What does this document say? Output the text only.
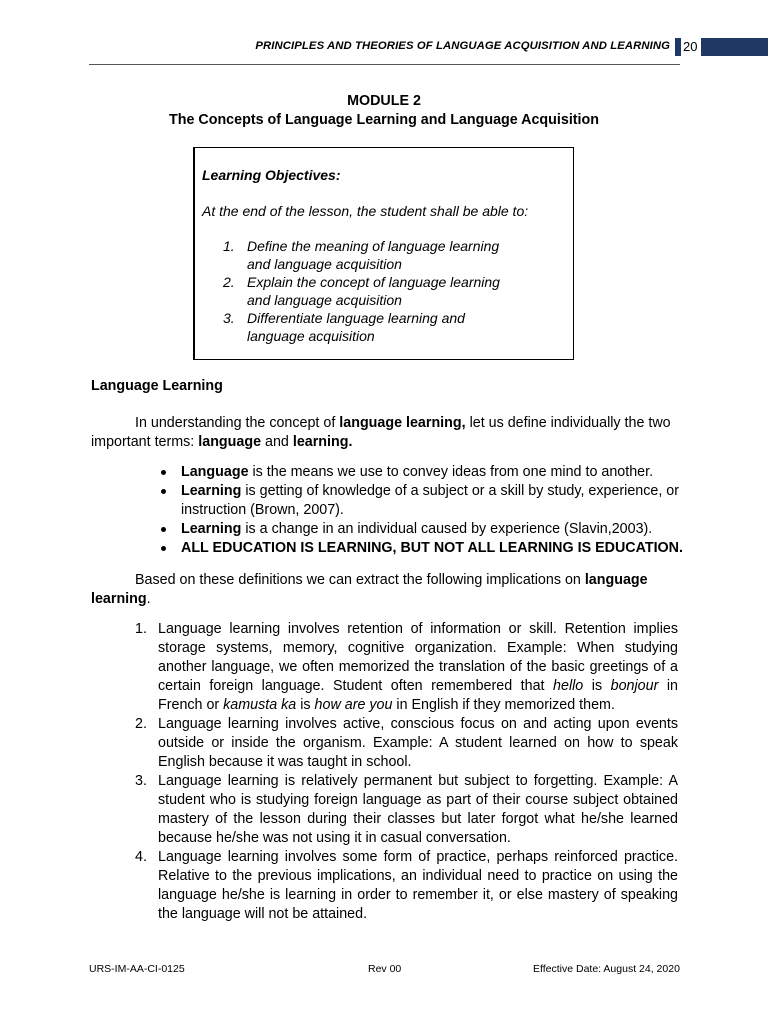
PRINCIPLES AND THEORIES OF LANGUAGE ACQUISITION AND LEARNING 20
MODULE 2
The Concepts of Language Learning and Language Acquisition
Learning Objectives:
At the end of the lesson, the student shall be able to:
1. Define the meaning of language learning
and language acquisition
2. Explain the concept of language learning
and language acquisition
3. Differentiate language learning and
language acquisition
Language Learning
In understanding the concept of language learning, let us define individually the two important terms: language and learning.
Language is the means we use to convey ideas from one mind to another.
Learning is getting of knowledge of a subject or a skill by study, experience, or instruction (Brown, 2007).
Learning is a change in an individual caused by experience (Slavin,2003).
ALL EDUCATION IS LEARNING, BUT NOT ALL LEARNING IS EDUCATION.
Based on these definitions we can extract the following implications on language learning.
1. Language learning involves retention of information or skill. Retention implies storage systems, memory, cognitive organization. Example: When studying another language, we often memorized the translation of the basic greetings of a certain foreign language. Student often remembered that hello is bonjour in French or kamusta ka is how are you in English if they memorized them.
2. Language learning involves active, conscious focus on and acting upon events outside or inside the organism. Example: A student learned on how to speak English because it was taught in school.
3. Language learning is relatively permanent but subject to forgetting. Example: A student who is studying foreign language as part of their course subject obtained mastery of the lesson during their classes but later forgot what he/she learned because he/she was not using it in casual conversation.
4. Language learning involves some form of practice, perhaps reinforced practice. Relative to the previous implications, an individual need to practice on using the language he/she is learning in order to remember it, or else mastery of speaking the language will not be attained.
URS-IM-AA-CI-0125	Rev 00	Effective Date: August 24, 2020
